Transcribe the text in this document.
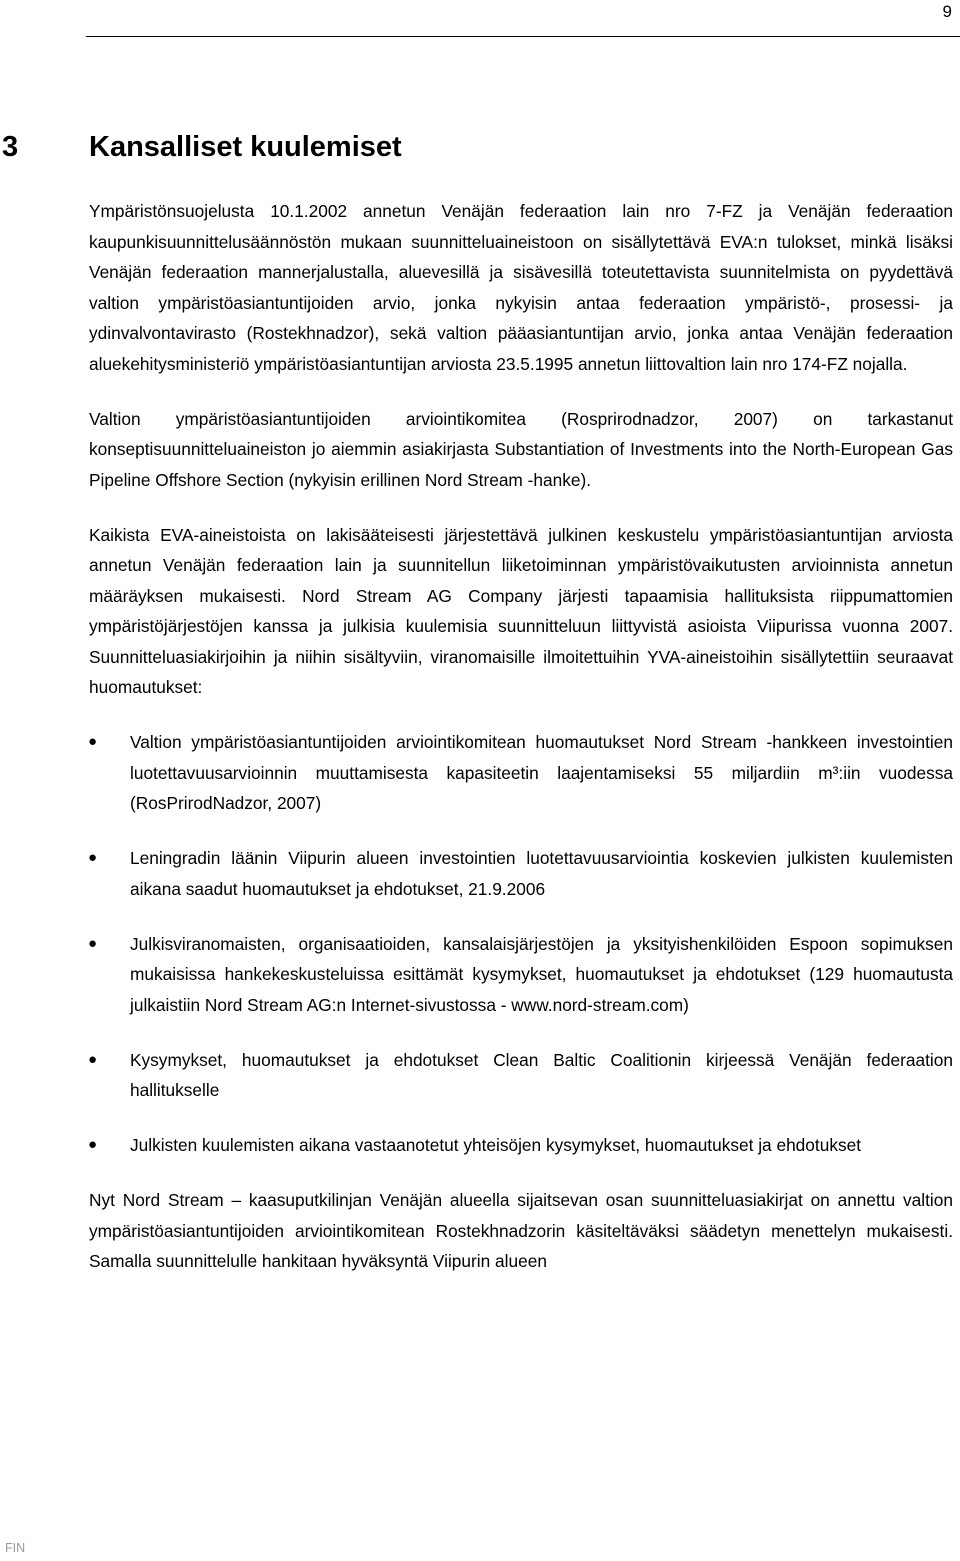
9
3 Kansalliset kuulemiset

Ympäristönsuojelusta 10.1.2002 annetun Venäjän federaation lain nro 7-FZ ja Venäjän federaation kaupunkisuunnittelusäännöstön mukaan suunnitteluaineistoon on sisällytettävä EVA:n tulokset, minkä lisäksi Venäjän federaation mannerjalustalla, aluevesillä ja sisävesillä toteutettavista suunnitelmista on pyydettävä valtion ympäristöasiantuntijoiden arvio, jonka nykyisin antaa federaation ympäristö-, prosessi- ja ydinvalvontavirasto (Rostekhnadzor), sekä valtion pääasiantuntijan arvio, jonka antaa Venäjän federaation aluekehitysministeriö ympäristöasiantuntijan arviosta 23.5.1995 annetun liittovaltion lain nro 174-FZ nojalla.

Valtion ympäristöasiantuntijoiden arviointikomitea (Rosprirodnadzor, 2007) on tarkastanut konseptisuunnitteluaineiston jo aiemmin asiakirjasta Substantiation of Investments into the North-European Gas Pipeline Offshore Section (nykyisin erillinen Nord Stream -hanke).

Kaikista EVA-aineistoista on lakisääteisesti järjestettävä julkinen keskustelu ympäristöasiantuntijan arviosta annetun Venäjän federaation lain ja suunnitellun liiketoiminnan ympäristövaikutusten arvioinnista annetun määräyksen mukaisesti. Nord Stream AG Company järjesti tapaamisia hallituksista riippumattomien ympäristöjärjestöjen kanssa ja julkisia kuulemisia suunnitteluun liittyvistä asioista Viipurissa vuonna 2007. Suunnitteluasiakirjoihin ja niihin sisältyviin, viranomaisille ilmoitettuihin YVA-aineistoihin sisällytettiin seuraavat huomautukset:

● Valtion ympäristöasiantuntijoiden arviointikomitean huomautukset Nord Stream -hankkeen investointien luotettavuusarvioinnin muuttamisesta kapasiteetin laajentamiseksi 55 miljardiin m³:iin vuodessa (RosPrirodNadzor, 2007)
● Leningradin läänin Viipurin alueen investointien luotettavuusarviointia koskevien julkisten kuulemisten aikana saadut huomautukset ja ehdotukset, 21.9.2006
● Julkisviranomaisten, organisaatioiden, kansalaisjärjestöjen ja yksityishenkilöiden Espoon sopimuksen mukaisissa hankekeskusteluissa esittämät kysymykset, huomautukset ja ehdotukset (129 huomautusta julkaistiin Nord Stream AG:n Internet-sivustossa - www.nord-stream.com)
● Kysymykset, huomautukset ja ehdotukset Clean Baltic Coalitionin kirjeessä Venäjän federaation hallitukselle
● Julkisten kuulemisten aikana vastaanotetut yhteisöjen kysymykset, huomautukset ja ehdotukset

Nyt Nord Stream – kaasuputkilinjan Venäjän alueella sijaitsevan osan suunnitteluasiakirjat on annettu valtion ympäristöasiantuntijoiden arviointikomitean Rostekhnadzorin käsiteltäväksi säädetyn menettelyn mukaisesti. Samalla suunnittelulle hankitaan hyväksyntä Viipurin alueen

FIN
